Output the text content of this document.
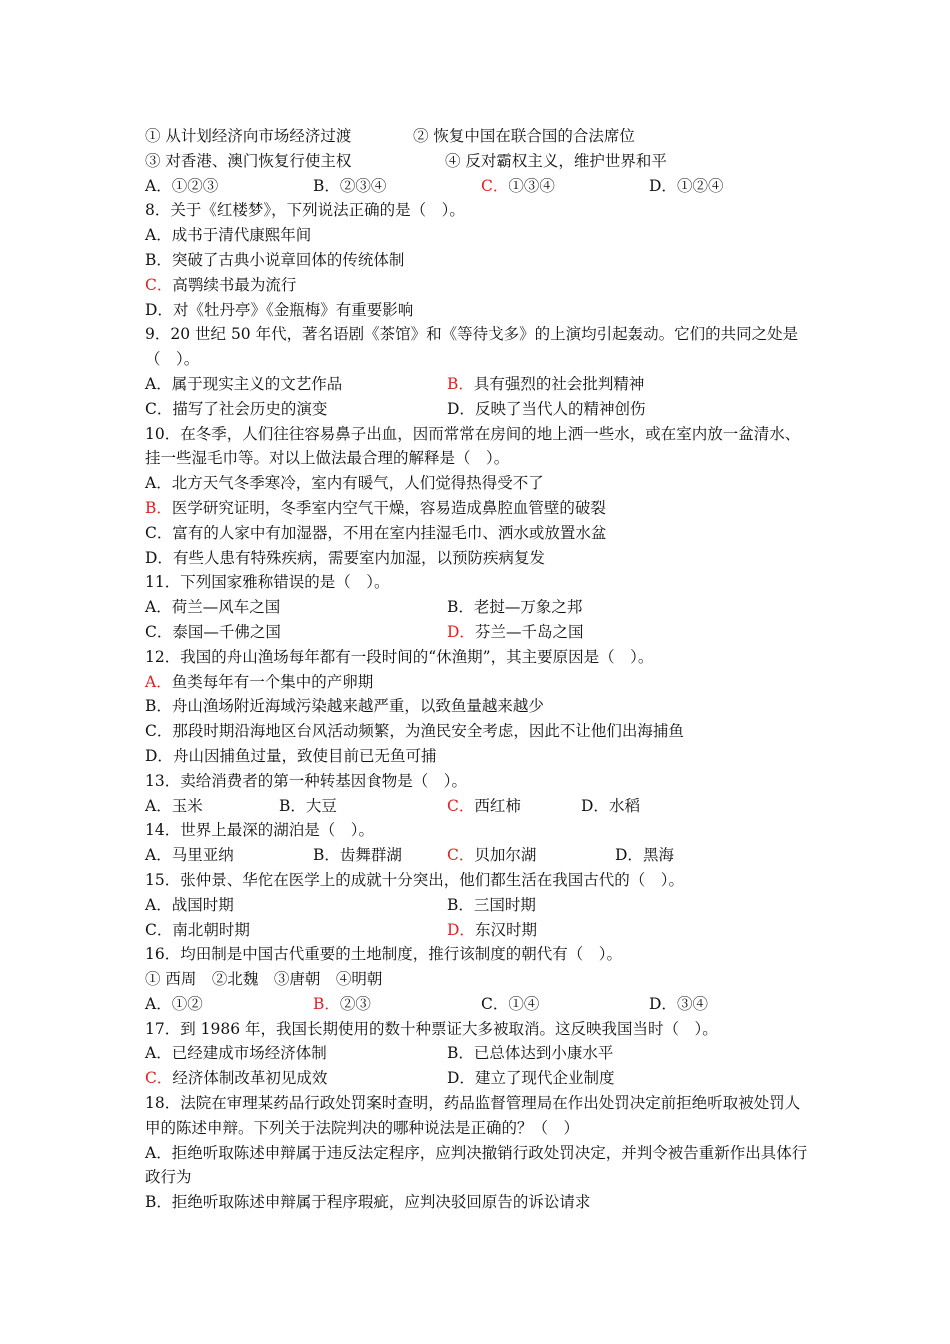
① 从计划经济向市场经济过渡	② 恢复中国在联合国的合法席位
③ 对香港、澳门恢复行使主权	④ 反对霸权主义，维护世界和平
A．①②③	B．②③④	C．①③④	D．①②④
8．关于《红楼梦》，下列说法正确的是（　）。
A．成书于清代康熙年间
B．突破了古典小说章回体的传统体制
C．高鹗续书最为流行
D．对《牡丹亭》《金瓶梅》有重要影响
9．20 世纪 50 年代，著名语剧《茶馆》和《等待戈多》的上演均引起轰动。它们的共同之处是（　）。
A．属于现实主义的文艺作品	B．具有强烈的社会批判精神
C．描写了社会历史的演变	D．反映了当代人的精神创伤
10．在冬季，人们往往容易鼻子出血，因而常常在房间的地上洒一些水，或在室内放一盆清水、挂一些湿毛巾等。对以上做法最合理的解释是（　）。
A．北方天气冬季寒冷，室内有暖气，人们觉得热得受不了
B．医学研究证明，冬季室内空气干燥，容易造成鼻腔血管壁的破裂
C．富有的人家中有加湿器，不用在室内挂湿毛巾、洒水或放置水盆
D．有些人患有特殊疾病，需要室内加湿，以预防疾病复发
11．下列国家雅称错误的是（　）。
A．荷兰—风车之国	B．老挝—万象之邦
C．泰国—千佛之国	D．芬兰—千岛之国
12．我国的舟山渔场每年都有一段时间的“休渔期”，其主要原因是（　）。
A．鱼类每年有一个集中的产卵期
B．舟山渔场附近海域污染越来越严重，以致鱼量越来越少
C．那段时期沿海地区台风活动频繁，为渔民安全考虑，因此不让他们出海捕鱼
D．舟山因捕鱼过量，致使目前已无鱼可捕
13．卖给消费者的第一种转基因食物是（　）。
A．玉米	B．大豆	C．西红柿	D．水稻
14．世界上最深的湖泊是（　）。
A．马里亚纳	B．齿舞群湖	C．贝加尔湖	D．黑海
15．张仲景、华佗在医学上的成就十分突出，他们都生活在我国古代的（　）。
A．战国时期	B．三国时期
C．南北朝时期	D．东汉时期
16．均田制是中国古代重要的土地制度，推行该制度的朝代有（　）。
① 西周　②北魏　③唐朝　④明朝
A．①②	B．②③	C．①④	D．③④
17．到 1986 年，我国长期使用的数十种票证大多被取消。这反映我国当时（　）。
A．已经建成市场经济体制	B．已总体达到小康水平
C．经济体制改革初见成效	D．建立了现代企业制度
18．法院在审理某药品行政处罚案时查明，药品监督管理局在作出处罚决定前拒绝听取被处罚人甲的陈述申辩。下列关于法院判决的哪种说法是正确的？（　）
A．拒绝听取陈述申辩属于违反法定程序，应判决撤销行政处罚决定，并判令被告重新作出具体行政行为
B．拒绝听取陈述申辩属于程序瑕疵，应判决驳回原告的诉讼请求
